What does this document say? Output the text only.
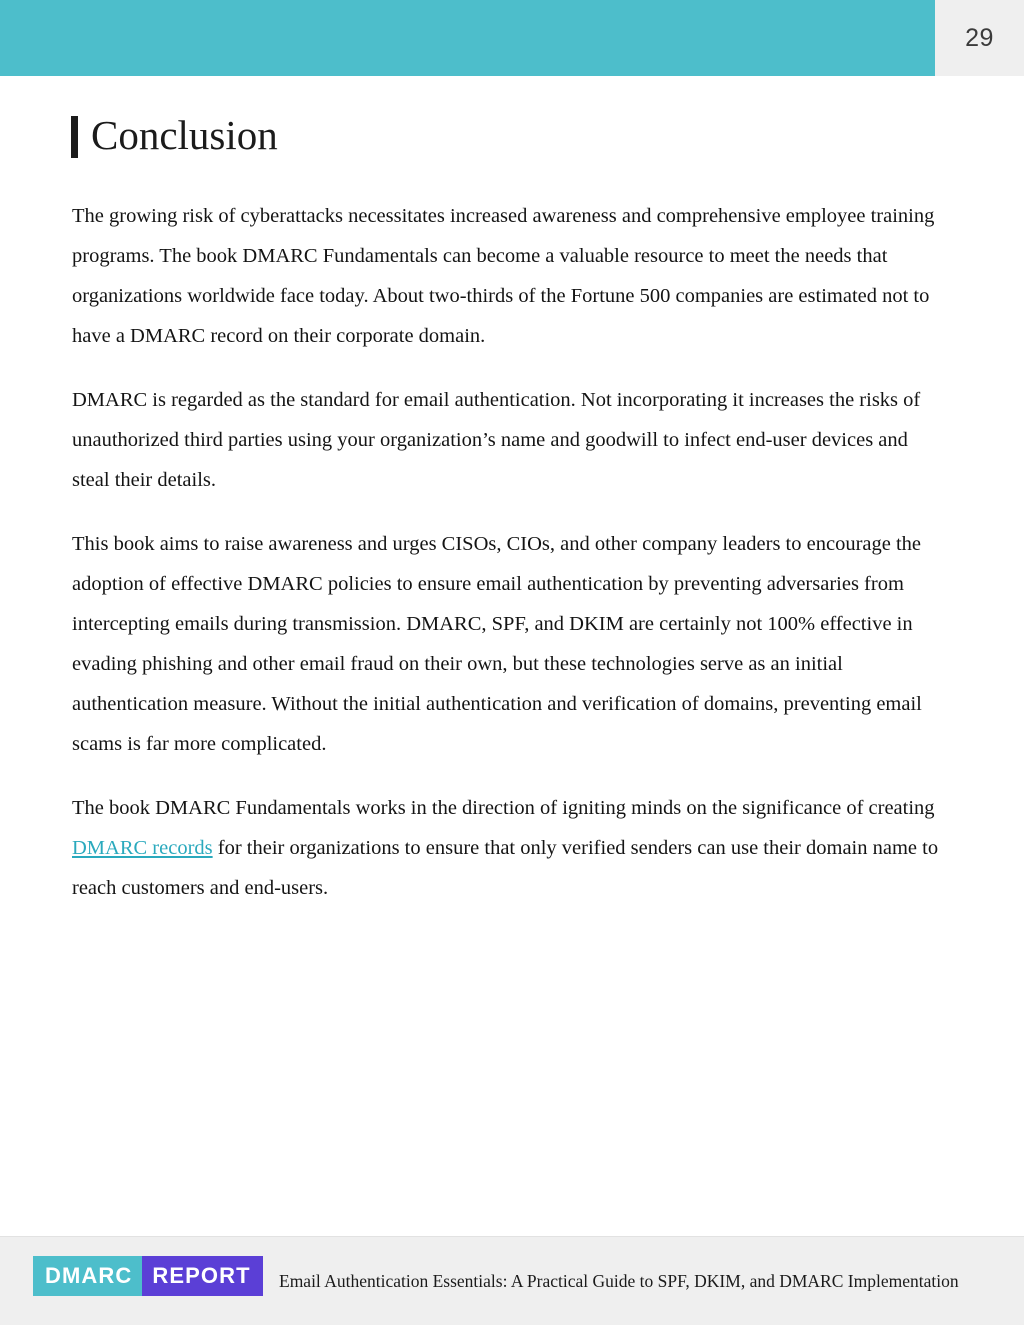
29
Conclusion

The growing risk of cyberattacks necessitates increased awareness and comprehensive employee training programs. The book DMARC Fundamentals can become a valuable resource to meet the needs that organizations worldwide face today. About two-thirds of the Fortune 500 companies are estimated not to have a DMARC record on their corporate domain.

DMARC is regarded as the standard for email authentication. Not incorporating it increases the risks of unauthorized third parties using your organization’s name and goodwill to infect end-user devices and steal their details.

This book aims to raise awareness and urges CISOs, CIOs, and other company leaders to encourage the adoption of effective DMARC policies to ensure email authentication by preventing adversaries from intercepting emails during transmission. DMARC, SPF, and DKIM are certainly not 100% effective in evading phishing and other email fraud on their own, but these technologies serve as an initial authentication measure. Without the initial authentication and verification of domains, preventing email scams is far more complicated.

The book DMARC Fundamentals works in the direction of igniting minds on the significance of creating DMARC records for their organizations to ensure that only verified senders can use their domain name to reach customers and end-users.

DMARC REPORT	Email Authentication Essentials: A Practical Guide to SPF, DKIM, and DMARC Implementation
